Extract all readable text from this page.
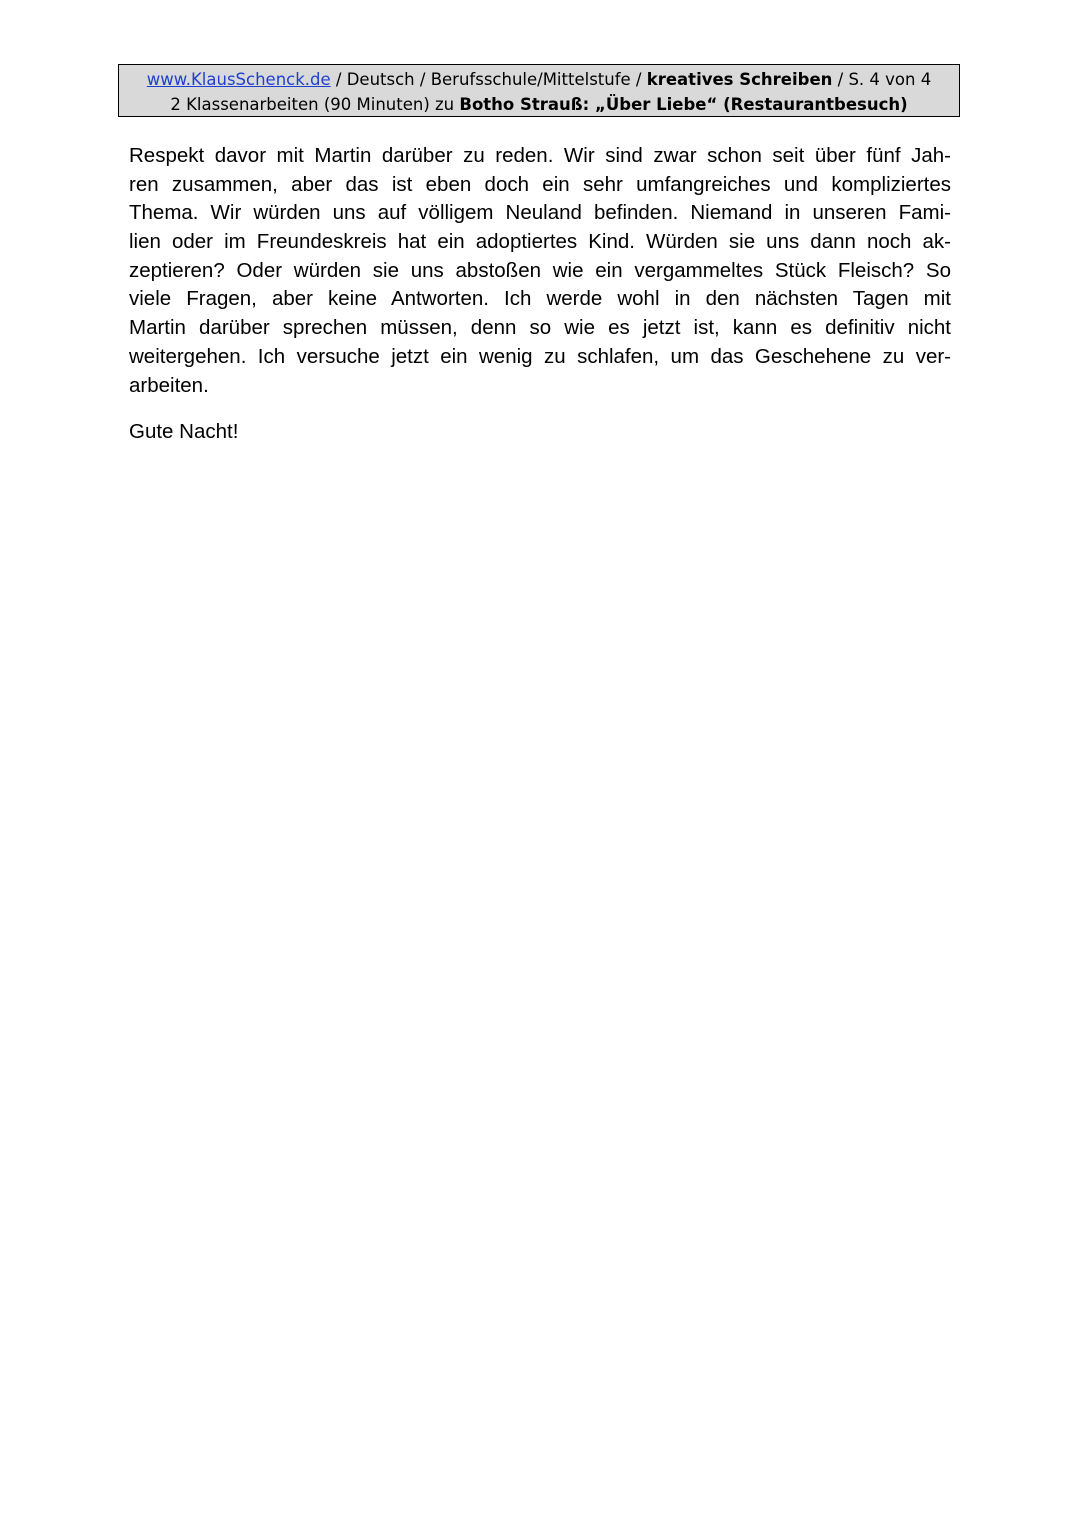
www.KlausSchenck.de / Deutsch / Berufsschule/Mittelstufe / kreatives Schreiben / S. 4 von 4
2 Klassenarbeiten (90 Minuten) zu Botho Strauß: „Über Liebe“ (Restaurantbesuch)

Respekt davor mit Martin darüber zu reden. Wir sind zwar schon seit über fünf Jah-
ren zusammen, aber das ist eben doch ein sehr umfangreiches und kompliziertes
Thema. Wir würden uns auf völligem Neuland befinden. Niemand in unseren Fami-
lien oder im Freundeskreis hat ein adoptiertes Kind. Würden sie uns dann noch ak-
zeptieren? Oder würden sie uns abstoßen wie ein vergammeltes Stück Fleisch? So
viele Fragen, aber keine Antworten. Ich werde wohl in den nächsten Tagen mit
Martin darüber sprechen müssen, denn so wie es jetzt ist, kann es definitiv nicht
weitergehen. Ich versuche jetzt ein wenig zu schlafen, um das Geschehene zu ver-
arbeiten.

Gute Nacht!
